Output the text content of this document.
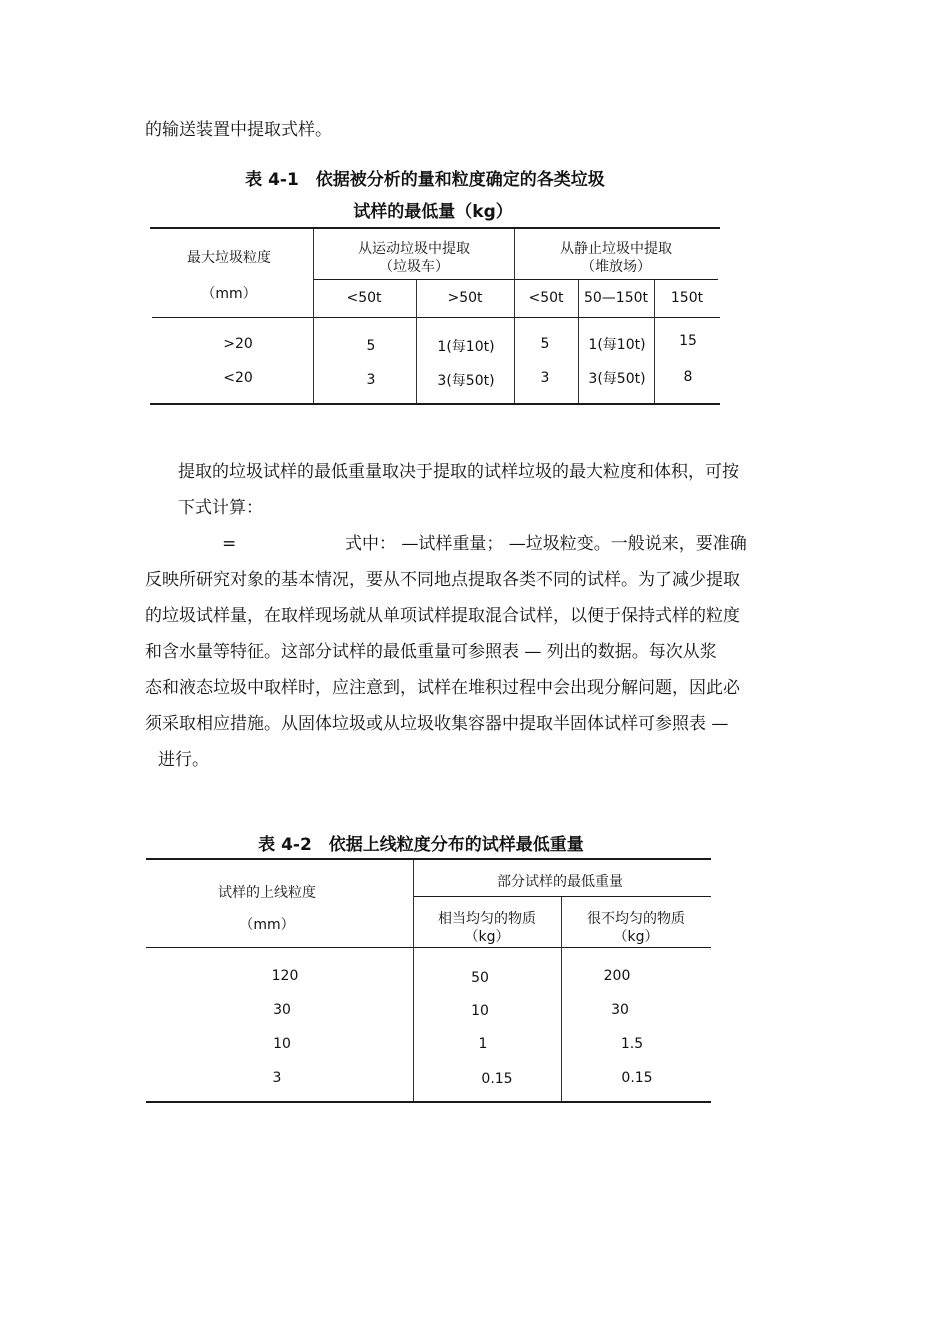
的输送装置中提取式样。
表 4-1　依据被分析的量和粒度确定的各类垃圾
试样的最低量（kg）
最大垃圾粒度
（mm）
从运动垃圾中提取
（垃圾车）
从静止垃圾中提取
（堆放场）
<50t	>50t	<50t 50—150t 150t
>20	5	1(每10t)	5	1(每10t) 15
<20	3	3(每50t)	3	3(每50t)	8
提取的垃圾试样的最低重量取决于提取的试样垃圾的最大粒度和体积，可按
下式计算：
=	式中： —试样重量； —垃圾粒变。一般说来，要准确
反映所研究对象的基本情况，要从不同地点提取各类不同的试样。为了减少提取
的垃圾试样量，在取样现场就从单项试样提取混合试样，以便于保持式样的粒度
和含水量等特征。这部分试样的最低重量可参照表 — 列出的数据。每次从浆
态和液态垃圾中取样时，应注意到，试样在堆积过程中会出现分解问题，因此必
须采取相应措施。从固体垃圾或从垃圾收集容器中提取半固体试样可参照表 —
进行。
表 4-2　依据上线粒度分布的试样最低重量
试样的上线粒度
（mm）
部分试样的最低重量
相当均匀的物质
（kg）
很不均匀的物质
（kg）
120	50	200
30	10	30
10	1	1.5
3	0.15	0.15
